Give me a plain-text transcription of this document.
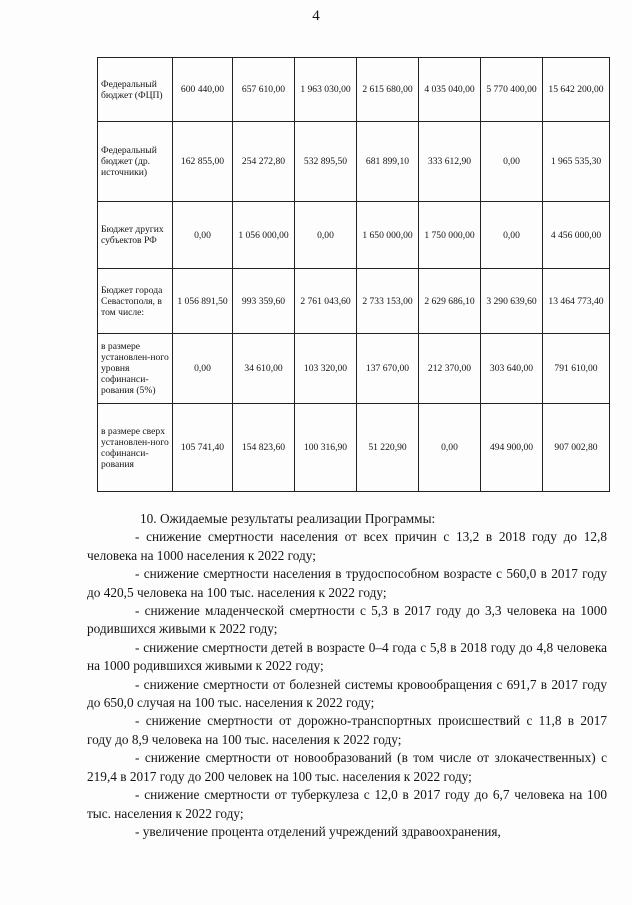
4
Федеральный бюджет (ФЦП)	600 440,00	657 610,00	1 963 030,00	2 615 680,00	4 035 040,00	5 770 400,00	15 642 200,00
Федеральный бюджет (др. источники)	162 855,00	254 272,80	532 895,50	681 899,10	333 612,90	0,00	1 965 535,30
Бюджет других субъектов РФ	0,00	1 056 000,00	0,00	1 650 000,00	1 750 000,00	0,00	4 456 000,00
Бюджет города Севастополя, в том числе:	1 056 891,50	993 359,60	2 761 043,60	2 733 153,00	2 629 686,10	3 290 639,60	13 464 773,40
в размере установлен-ного уровня софинанси-рования (5%)	0,00	34 610,00	103 320,00	137 670,00	212 370,00	303 640,00	791 610,00
в размере сверх установлен-ного софинанси-рования	105 741,40	154 823,60	100 316,90	51 220,90	0,00	494 900,00	907 002,80

10. Ожидаемые результаты реализации Программы:

- снижение смертности населения от всех причин с 13,2 в 2018 году до 12,8 человека на 1000 населения к 2022 году;

- снижение смертности населения в трудоспособном возрасте с 560,0 в 2017 году до 420,5 человека на 100 тыс. населения к 2022 году;

- снижение младенческой смертности с 5,3 в 2017 году до 3,3 человека на 1000 родившихся живыми к 2022 году;

- снижение смертности детей в возрасте 0–4 года с 5,8 в 2018 году до 4,8 человека на 1000 родившихся живыми к 2022 году;

- снижение смертности от болезней системы кровообращения с 691,7 в 2017 году до 650,0 случая на 100 тыс. населения к 2022 году;

- снижение смертности от дорожно-транспортных происшествий с 11,8 в 2017 году до 8,9 человека на 100 тыс. населения к 2022 году;

- снижение смертности от новообразований (в том числе от злокачественных) с 219,4 в 2017 году до 200 человек на 100 тыс. населения к 2022 году;

- снижение смертности от туберкулеза с 12,0 в 2017 году до 6,7 человека на 100 тыс. населения к 2022 году;

- увеличение процента отделений учреждений здравоохранения,
